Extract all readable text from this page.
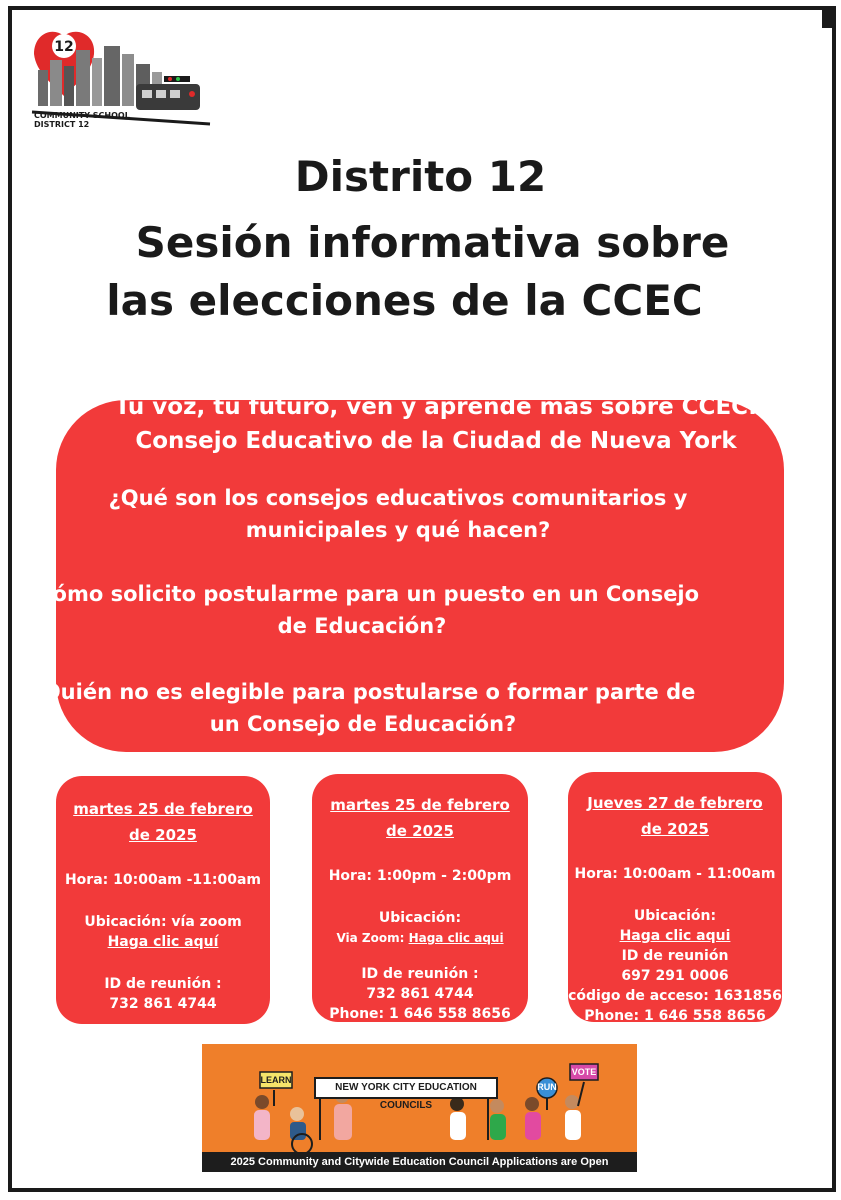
12
COMMUNITY SCHOOL
DISTRICT 12
Distrito 12
Sesión informativa sobre
las elecciones de la CCEC
Tu voz, tu futuro, ven y aprende más sobre CCEC:
Consejo Educativo de la Ciudad de Nueva York
¿Qué son los consejos educativos comunitarios y
municipales y qué hacen?
¿Cómo solicito postularme para un puesto en un Consejo
de Educación?
¿Quién no es elegible para postularse o formar parte de
un Consejo de Educación?

martes 25 de febrero

de 2025

Hora: 10:00am -11:00am

Ubicación: vía zoom

Haga clic aquí

ID de reunión :

732 861 4744

martes 25 de febrero

de 2025

Hora: 1:00pm - 2:00pm

Ubicación:

Via Zoom: Haga clic aqui

ID de reunión :

732 861 4744

Phone: 1 646 558 8656

Jueves 27 de febrero

de 2025

Hora: 10:00am - 11:00am

Ubicación:

Haga clic aqui

ID de reunión

697 291 0006

código de acceso: 1631856

Phone: 1 646 558 8656

NEW YORK CITY EDUCATION COUNCILS
LEARN
RUN
VOTE
2025 Community and Citywide Education Council Applications are Open
